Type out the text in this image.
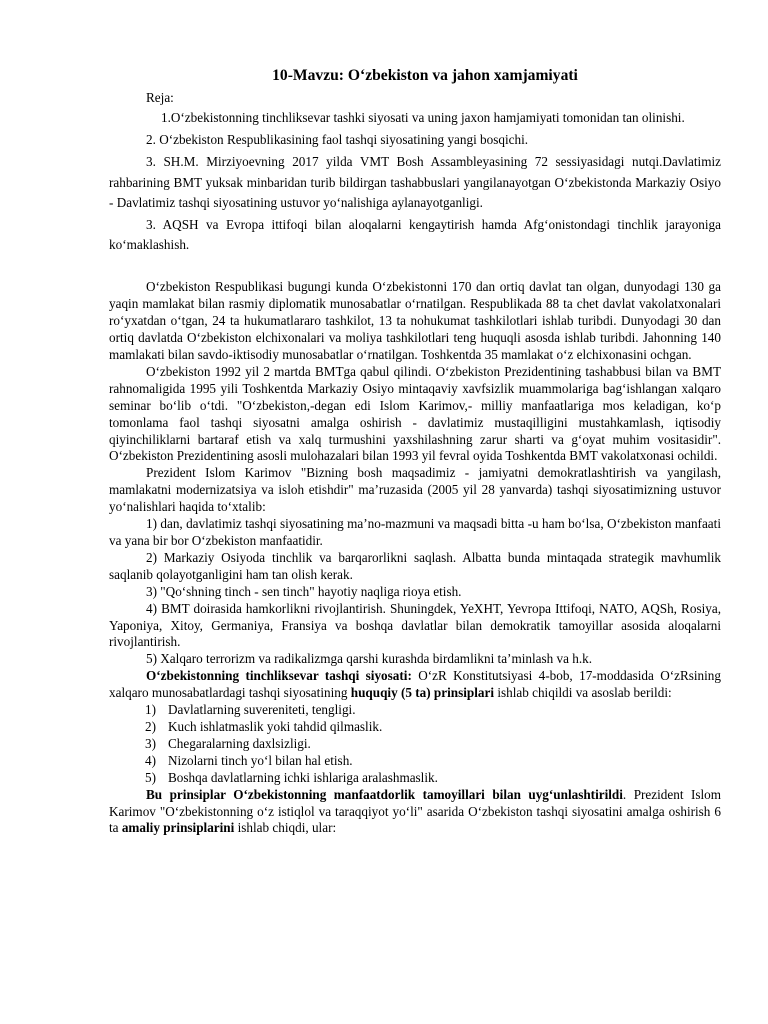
10-Mavzu: O‘zbekiston va jahon xamjamiyati

Reja:

1.O‘zbekistonning tinchliksevar tashki siyosati va uning jaxon hamjamiyati tomonidan tan olinishi.

2. O‘zbekiston Respublikasining faol tashqi siyosatining yangi bosqichi.

3. SH.M. Mirziyoevning 2017 yilda VMT Bosh Assambleyasining 72 sessiyasidagi nutqi.Davlatimiz rahbarining BMT yuksak minbaridan turib bildirgan tashabbuslari yangilanayotgan O‘zbekistonda Markaziy Osiyo - Davlatimiz tashqi siyosatining ustuvor yo‘nalishiga aylanayotganligi.

3. AQSH va Evropa ittifoqi bilan aloqalarni kengaytirish hamda Afg‘onistondagi tinchlik jarayoniga ko‘maklashish.

O‘zbekiston Respublikasi bugungi kunda O‘zbekistonni 170 dan ortiq davlat tan olgan, dunyodagi 130 ga yaqin mamlakat bilan rasmiy diplomatik munosabatlar o‘rnatilgan. Respublikada 88 ta chet davlat vakolatxonalari ro‘yxatdan o‘tgan, 24 ta hukumatlararo tashkilot, 13 ta nohukumat tashkilotlari ishlab turibdi. Dunyodagi 30 dan ortiq davlatda O‘zbekiston elchixonalari va moliya tashkilotlari teng huquqli asosda ishlab turibdi. Jahonning 140 mamlakati bilan savdo-iktisodiy munosabatlar o‘rnatilgan. Toshkentda 35 mamlakat o‘z elchixonasini ochgan.

O‘zbekiston 1992 yil 2 martda BMTga qabul qilindi. O‘zbekiston Prezidentining tashabbusi bilan va BMT rahnomaligida 1995 yili Toshkentda Markaziy Osiyo mintaqaviy xavfsizlik muammolariga bag‘ishlangan xalqaro seminar bo‘lib o‘tdi. "O‘zbekiston,-degan edi Islom Karimov,- milliy manfaatlariga mos keladigan, ko‘p tomonlama faol tashqi siyosatni amalga oshirish - davlatimiz mustaqilligini mustahkamlash, iqtisodiy qiyinchiliklarni bartaraf etish va xalq turmushini yaxshilashning zarur sharti va g‘oyat muhim vositasidir". O‘zbekiston Prezidentining asosli mulohazalari bilan 1993 yil fevral oyida Toshkentda BMT vakolatxonasi ochildi.

Prezident Islom Karimov "Bizning bosh maqsadimiz - jamiyatni demokratlashtirish va yangilash, mamlakatni modernizatsiya va isloh etishdir" ma’ruzasida (2005 yil 28 yanvarda) tashqi siyosatimizning ustuvor yo‘nalishlari haqida to‘xtalib:

1) dan, davlatimiz tashqi siyosatining ma’no-mazmuni va maqsadi bitta -u ham bo‘lsa, O‘zbekiston manfaati va yana bir bor O‘zbekiston manfaatidir.

2) Markaziy Osiyoda tinchlik va barqarorlikni saqlash. Albatta bunda mintaqada strategik mavhumlik saqlanib qolayotganligini ham tan olish kerak.

3) "Qo‘shning tinch - sen tinch" hayotiy naqliga rioya etish.

4) BMT doirasida hamkorlikni rivojlantirish. Shuningdek, YeXHT, Yevropa Ittifoqi, NATO, AQSh, Rosiya, Yaponiya, Xitoy, Germaniya, Fransiya va boshqa davlatlar bilan demokratik tamoyillar asosida aloqalarni rivojlantirish.

5) Xalqaro terrorizm va radikalizmga qarshi kurashda birdamlikni ta’minlash va h.k.

O‘zbekistonning tinchliksevar tashqi siyosati: O‘zR Konstitutsiyasi 4-bob, 17-moddasida O‘zRsining xalqaro munosabatlardagi tashqi siyosatining huquqiy (5 ta) prinsiplari ishlab chiqildi va asoslab berildi:

1) Davlatlarning suvereniteti, tengligi.
2) Kuch ishlatmaslik yoki tahdid qilmaslik.
3) Chegaralarning daxlsizligi.
4) Nizolarni tinch yo‘l bilan hal etish.
5) Boshqa davlatlarning ichki ishlariga aralashmaslik.

Bu prinsiplar O‘zbekistonning manfaatdorlik tamoyillari bilan uyg‘unlashtirildi. Prezident Islom Karimov "O‘zbekistonning o‘z istiqlol va taraqqiyot yo‘li" asarida O‘zbekiston tashqi siyosatini amalga oshirish 6 ta amaliy prinsiplarini ishlab chiqdi, ular:
